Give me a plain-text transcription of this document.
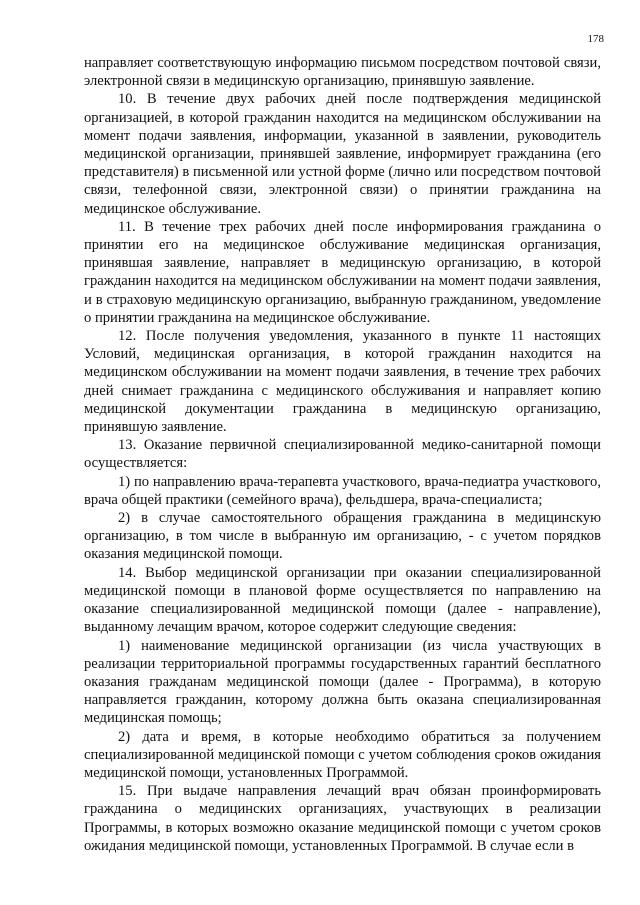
178

направляет соответствующую информацию письмом посредством почтовой связи, электронной связи в медицинскую организацию, принявшую заявление.

10. В течение двух рабочих дней после подтверждения медицинской организацией, в которой гражданин находится на медицинском обслуживании на момент подачи заявления, информации, указанной в заявлении, руководитель медицинской организации, принявшей заявление, информирует гражданина (его представителя) в письменной или устной форме (лично или посредством почтовой связи, телефонной связи, электронной связи) о принятии гражданина на медицинское обслуживание.

11. В течение трех рабочих дней после информирования гражданина о принятии его на медицинское обслуживание медицинская организация, принявшая заявление, направляет в медицинскую организацию, в которой гражданин находится на медицинском обслуживании на момент подачи заявления, и в страховую медицинскую организацию, выбранную гражданином, уведомление о принятии гражданина на медицинское обслуживание.

12. После получения уведомления, указанного в пункте 11 настоящих Условий, медицинская организация, в которой гражданин находится на медицинском обслуживании на момент подачи заявления, в течение трех рабочих дней снимает гражданина с медицинского обслуживания и направляет копию медицинской документации гражданина в медицинскую организацию, принявшую заявление.

13. Оказание первичной специализированной медико-санитарной помощи осуществляется:

1) по направлению врача-терапевта участкового, врача-педиатра участкового, врача общей практики (семейного врача), фельдшера, врача-специалиста;

2) в случае самостоятельного обращения гражданина в медицинскую организацию, в том числе в выбранную им организацию, - с учетом порядков оказания медицинской помощи.

14. Выбор медицинской организации при оказании специализированной медицинской помощи в плановой форме осуществляется по направлению на оказание специализированной медицинской помощи (далее - направление), выданному лечащим врачом, которое содержит следующие сведения:

1) наименование медицинской организации (из числа участвующих в реализации территориальной программы государственных гарантий бесплатного оказания гражданам медицинской помощи (далее - Программа), в которую направляется гражданин, которому должна быть оказана специализированная медицинская помощь;

2) дата и время, в которые необходимо обратиться за получением специализированной медицинской помощи с учетом соблюдения сроков ожидания медицинской помощи, установленных Программой.

15. При выдаче направления лечащий врач обязан проинформировать гражданина о медицинских организациях, участвующих в реализации Программы, в которых возможно оказание медицинской помощи с учетом сроков ожидания медицинской помощи, установленных Программой. В случае если в
